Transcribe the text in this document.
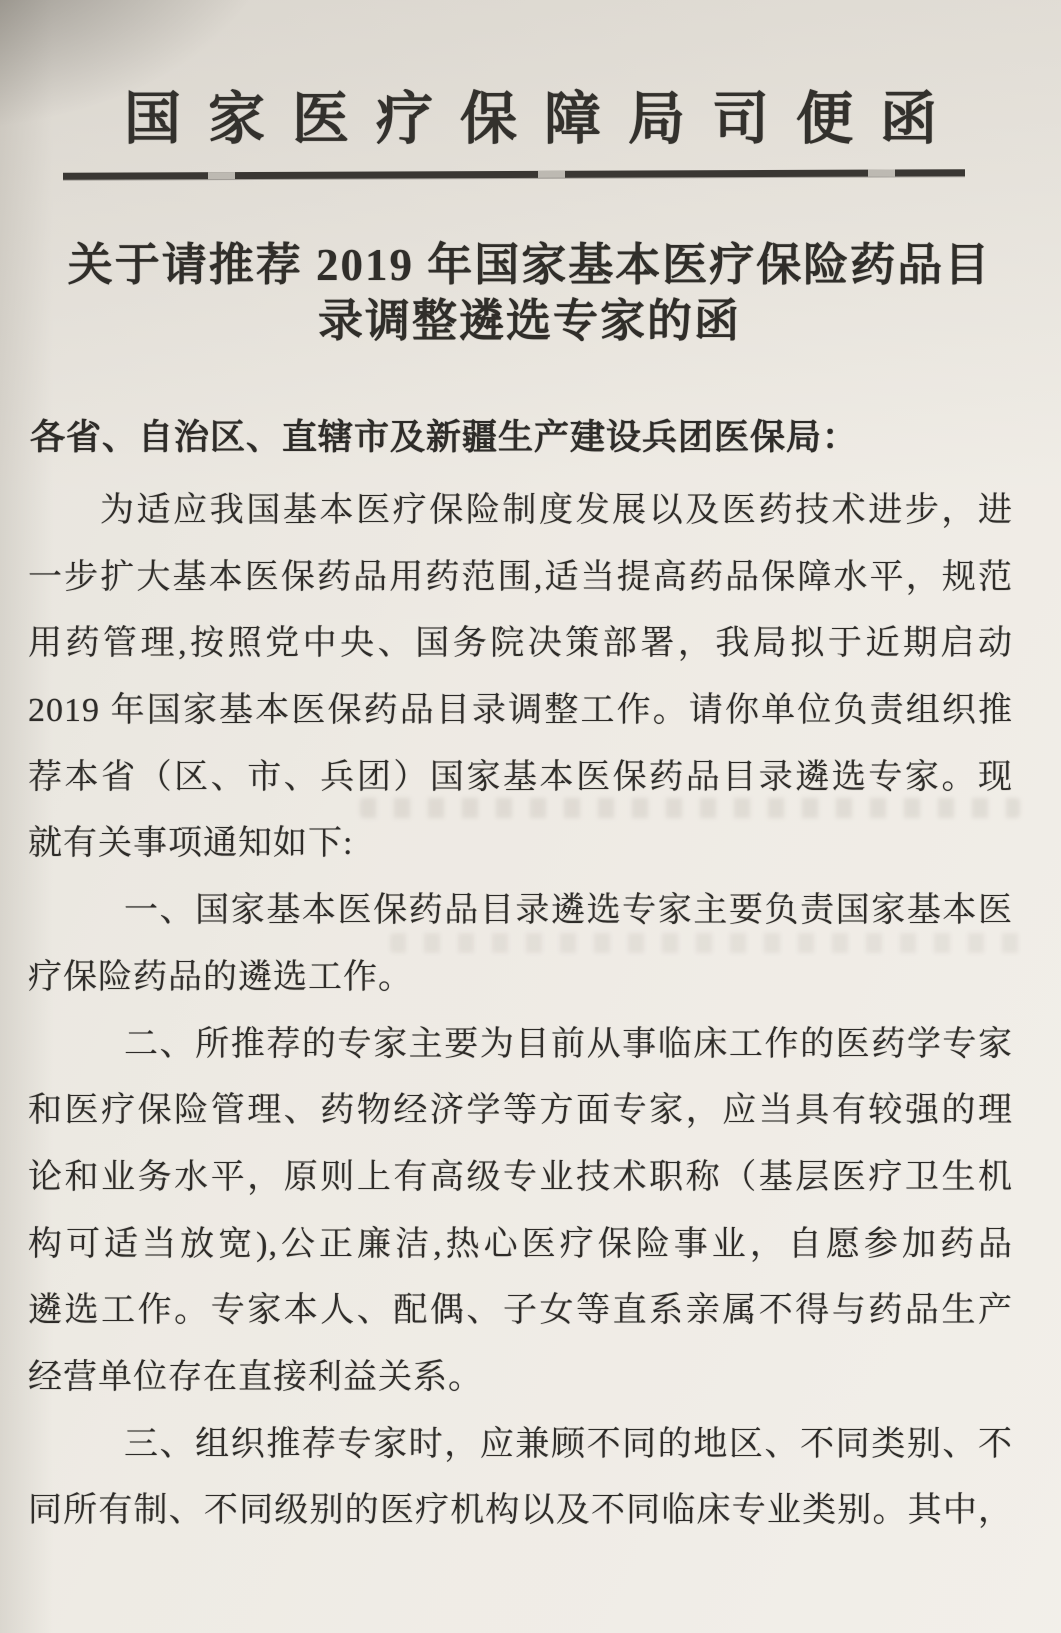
国家医疗保障局司便函
关于请推荐 2019 年国家基本医疗保险药品目
录调整遴选专家的函
各省、自治区、直辖市及新疆生产建设兵团医保局：
为适应我国基本医疗保险制度发展以及医药技术进步，进
一步扩大基本医保药品用药范围,适当提高药品保障水平，规范
用药管理,按照党中央、国务院决策部署，我局拟于近期启动
2019 年国家基本医保药品目录调整工作。请你单位负责组织推
荐本省（区、市、兵团）国家基本医保药品目录遴选专家。现
就有关事项通知如下:
一、国家基本医保药品目录遴选专家主要负责国家基本医
疗保险药品的遴选工作。
二、所推荐的专家主要为目前从事临床工作的医药学专家
和医疗保险管理、药物经济学等方面专家，应当具有较强的理
论和业务水平，原则上有高级专业技术职称（基层医疗卫生机
构可适当放宽),公正廉洁,热心医疗保险事业，自愿参加药品
遴选工作。专家本人、配偶、子女等直系亲属不得与药品生产
经营单位存在直接利益关系。
三、组织推荐专家时，应兼顾不同的地区、不同类别、不
同所有制、不同级别的医疗机构以及不同临床专业类别。其中，
